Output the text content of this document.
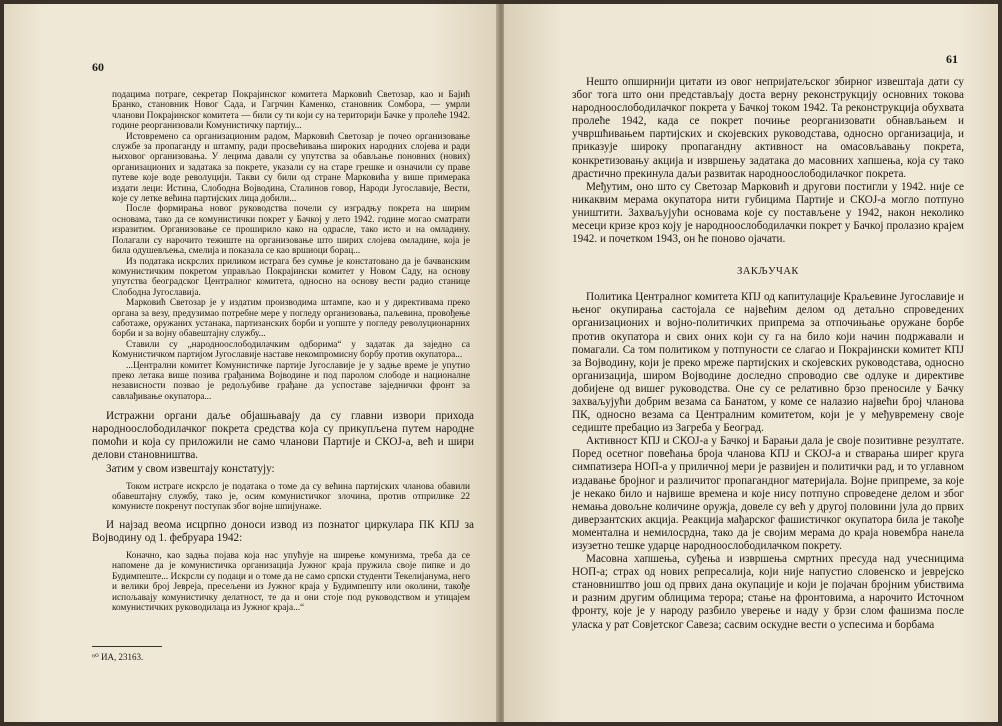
60

подацима потраге, секретар Покрајинског комитета Марковић Светозар, као и Бајић Бранко, становник Новог Сада, и Гагрчин Каменко, становник Сомбора, — умрли чланови Покрајинског комитета — били су ти који су на територији Бачке у пролеће 1942. године реорганизовали Комунистичку партију...

Истовремено са организационим радом, Марковић Светозар је почео организовање службе за пропаганду и штампу, ради просвећивања широких народних слојева и ради њиховог организовања. У лецима давали су упутства за обављање поновних (нових) организационих и задатака за покрете, указали су на старе грешке и означили су праве путеве које воде револуцији. Такви су били од стране Марковића у више примерака издати леци: Истина, Слободна Војводина, Сталинов говор, Народи Југославије, Вести, које су летке већина партијских лица добили...

После формирања новог руководства почели су изградњу покрета на ширим основама, тако да се комунистички покрет у Бачкој у лето 1942. године могао сматрати изразитим. Организовање се проширило како на одрасле, тако исто и на омладину. Полагали су нарочито тежиште на организовање што ширих слојева омладине, која је била одушевљења, смелија и показала се као вршиоци борац...

Из података искрслих приликом истрага без сумње је констатовано да је бачванским комунистичким покретом управљао Покрајински комитет у Новом Саду, на основу упутства београдског Централног комитета, односно на основу вести радио станице Слободна Југославија.

Марковић Светозар је у издатим производима штампе, као и у директивама преко органа за везу, предузимао потребне мере у погледу организовања, паљевина, провођење саботаже, оружаних устанака, партизанских борби и уопште у погледу револуционарних борби и за војну обавештајну службу...

Ставили су „народноослободилачким одборима“ у задатак да заједно са Комунистичком партијом Југославије наставе некомпромисну борбу против окупатора...

...Централни комитет Комунистичке партије Југославије је у задње време је упутио преко летака више позива грађанима Војводине и под паролом слободе и националне независности позвао је редољубиве грађане да успоставе заједнички фронт за савлађивање окупатора...

Истражни органи даље објашњавају да су главни извори прихода народноослободилачког покрета средства која су прикупљена путем народне помоћи и која су приложили не само чланови Партије и СКОЈ-а, већ и шири делови становништва.

Затим у свом извештају констатују:

Током истраге искрсло је података о томе да су већина партијских чланова обавили обавештајну службу, тако је, осим комунистичког злочина, против отприлике 22 комунисте покренут поступак због војне шпијунаже.

И најзад веома исцрпно доноси извод из познатог циркулара ПК КПЈ за Војводину од 1. фебруара 1942:

Коначно, као задња појава која нас упућује на ширење комунизма, треба да се напомене да је комунистичка организација Јужног краја пружила своје пипке и до Будимпеште... Искрсли су подаци и о томе да не само српски студенти Текелијанума, него и велики број Јевреја, пресељени из Јужног краја у Будимпешту или околини, такође испољавају комунистичку делатност, те да и они стоје под руководством и утицајем комунистичких руководилаца из Јужног краја...“

⁶⁰ ИА, 23163.
61

Нешто опширнији цитати из овог непријатељског збирног извештаја дати су због тога што они представљају доста верну реконструкцију основних токова народноослободилачког покрета у Бачкој током 1942. Та реконструкција обухвата пролеће 1942, када се покрет почиње реорганизовати обнављањем и учвршћивањем партијских и скојевских руководстава, односно организација, и приказује широку пропагандну активност на омасовљавању покрета, конкретизовању акција и извршењу задатака до масовних хапшења, која су тако драстично прекинула даљи развитак народноослободилачког покрета.

Међутим, оно што су Светозар Марковић и другови постигли у 1942. није се никаквим мерама окупатора нити губицима Партије и СКОЈ-а могло потпуно уништити. Захваљујући основама које су постављене у 1942, након неколико месеци кризе кроз коју је народноослободилачки покрет у Бачкој пролазио крајем 1942. и почетком 1943, он ће поново ојачати.

ЗАКЉУЧАК

Политика Централног комитета КПЈ од капитулације Краљевине Југославије и њеног окупирања састојала се највећим делом од детаљно спроведених организационих и војно-политичких припрема за отпочињање оружане борбе против окупатора и свих оних који су га на било који начин подржавали и помагали. Са том политиком у потпуности се слагао и Покрајински комитет КПЈ за Војводину, који је преко мреже партијских и скојевских руководстава, односно организација, широм Војводине доследно спроводио све одлуке и директиве добијене од вишег руководства. Оне су се релативно брзо преносиле у Бачку захваљујући добрим везама са Банатом, у коме се налазио највећи број чланова ПК, односно везама са Централним комитетом, који је у међувремену своје седиште пребацио из Загреба у Београд.

Активност КПЈ и СКОЈ-а у Бачкој и Барањи дала је своје позитивне резултате. Поред осетног повећања броја чланова КПЈ и СКОЈ-а и стварања ширег круга симпатизера НОП-а у приличној мери је развијен и политички рад, и то углавном издавање бројног и различитог пропагандног материјала. Војне припреме, за које је некако било и највише времена и које нису потпуно спроведене делом и због немања довољне количине оружја, довеле су већ у другој половини јула до првих диверзантских акција. Реакција мађарског фашистичког окупатора била је такође моментална и немилосрдна, тако да је својим мерама до краја новембра нанела изузетно тешке ударце народноослободилачком покрету.

Масовна хапшења, суђења и извршења смртних пресуда над учесницима НОП-а; страх од нових репресалија, који није напустио словенско и јеврејско становништво још од првих дана окупације и који је појачан бројним убиствима и разним другим облицима терора; стање на фронтовима, а нарочито Источном фронту, које је у народу разбило уверење и наду у брзи слом фашизма после уласка у рат Совјетског Савеза; сасвим оскудне вести о успесима и борбама
